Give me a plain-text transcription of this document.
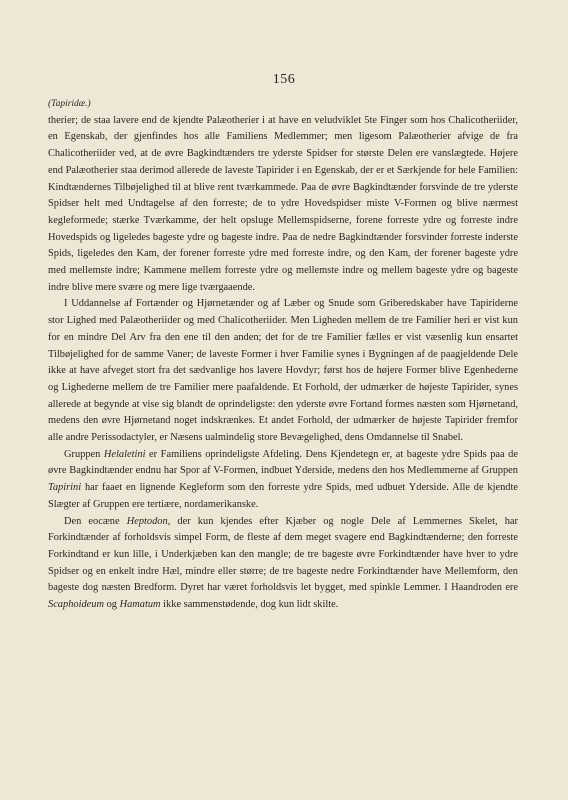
156
(Tapiridæ.)

therier; de staa lavere end de kjendte Palæotherier i at have en veludviklet 5te Finger som hos Chalicotheriider, en Egenskab, der gjenfindes hos alle Familiens Medlemmer; men ligesom Palæotherier afvige de fra Chalicotheriider ved, at de øvre Bagkindtænders tre yderste Spidser for største Delen ere vanslægtede. Højere end Palæotherier staa derimod allerede de laveste Tapirider i en Egenskab, der er et Særkjende for hele Familien: Kindtændernes Tilbøjelighed til at blive rent tværkammede. Paa de øvre Bagkindtænder forsvinde de tre yderste Spidser helt med Undtagelse af den forreste; de to ydre Hovedspidser miste V-Formen og blive nærmest kegleformede; stærke Tværkamme, der helt opsluge Mellemspidserne, forene forreste ydre og forreste indre Hovedspids og ligeledes bageste ydre og bageste indre. Paa de nedre Bagkindtænder forsvinder forreste inderste Spids, ligeledes den Kam, der forener forreste ydre med forreste indre, og den Kam, der forener bageste ydre med mellemste indre; Kammene mellem forreste ydre og mellemste indre og mellem bageste ydre og bageste indre blive mere svære og mere lige tværgaaende.

I Uddannelse af Fortænder og Hjørnetænder og af Læber og Snude som Griberedskaber have Tapiriderne stor Lighed med Palæotheriider og med Chalicotheriider. Men Ligheden mellem de tre Familier heri er vist kun for en mindre Del Arv fra den ene til den anden; det for de tre Familier fælles er vist væsenlig kun ensartet Tilbøjelighed for de samme Vaner; de laveste Former i hver Familie synes i Bygningen af de paagjeldende Dele ikke at have afveget stort fra det sædvanlige hos lavere Hovdyr; først hos de højere Former blive Egenhederne og Lighederne mellem de tre Familier mere paafaldende. Et Forhold, der udmærker de højeste Tapirider, synes allerede at begynde at vise sig blandt de oprindeligste: den yderste øvre Fortand formes næsten som Hjørnetand, medens den øvre Hjørnetand noget indskrænkes. Et andet Forhold, der udmærker de højeste Tapirider fremfor alle andre Perissodactyler, er Næsens ualmindelig store Bevægelighed, dens Omdannelse til Snabel.

Gruppen Helaletini er Familiens oprindeligste Afdeling. Dens Kjendetegn er, at bageste ydre Spids paa de øvre Bagkindtænder endnu har Spor af V-Formen, indbuet Yderside, medens den hos Medlemmerne af Gruppen Tapirini har faaet en lignende Kegleform som den forreste ydre Spids, med udbuet Yderside. Alle de kjendte Slægter af Gruppen ere tertiære, nordamerikanske.

Den eocæne Heptodon, der kun kjendes efter Kjæber og nogle Dele af Lemmernes Skelet, har Forkindtænder af forholdsvis simpel Form, de fleste af dem meget svagere end Bagkindtænderne; den forreste Forkindtand er kun lille, i Underkjæben kan den mangle; de tre bageste øvre Forkindtænder have hver to ydre Spidser og en enkelt indre Hæl, mindre eller større; de tre bageste nedre Forkindtænder have Mellemform, den bageste dog næsten Bredform. Dyret har været forholdsvis let bygget, med spinkle Lemmer. I Haandroden ere Scaphoideum og Hamatum ikke sammenstødende, dog kun lidt skilte.
